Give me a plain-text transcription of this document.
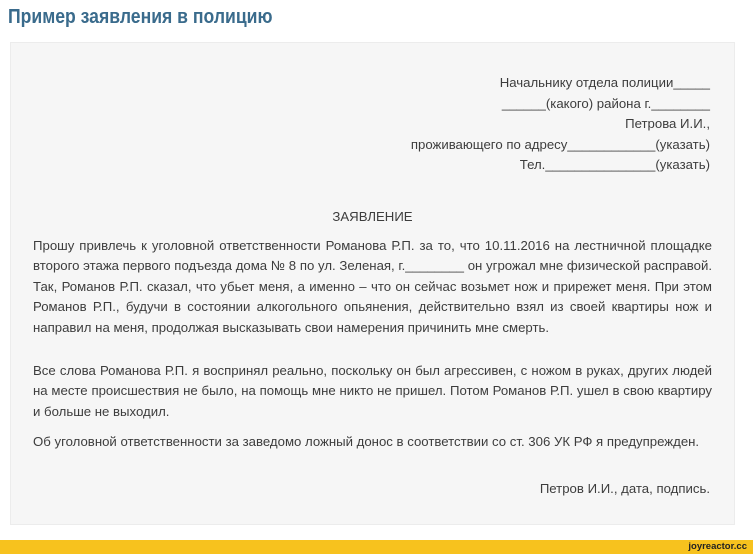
Пример заявления в полицию
Начальнику отдела полиции_____
______(какого) района г.________
Петрова И.И.,
проживающего по адресу____________(указать)
Тел._______________(указать)
ЗАЯВЛЕНИЕ

Прошу привлечь к уголовной ответственности Романова Р.П. за то, что 10.11.2016 на лестничной площадке второго этажа первого подъезда дома № 8 по ул. Зеленая, г.________ он угрожал мне физической расправой. Так, Романов Р.П. сказал, что убьет меня, а именно – что он сейчас возьмет нож и прирежет меня. При этом Романов Р.П., будучи в состоянии алкогольного опьянения, действительно взял из своей квартиры нож и направил на меня, продолжая высказывать свои намерения причинить мне смерть.

Все слова Романова Р.П. я воспринял реально, поскольку он был агрессивен, с ножом в руках, других людей на месте происшествия не было, на помощь мне никто не пришел. Потом Романов Р.П. ушел в свою квартиру и больше не выходил.

Об уголовной ответственности за заведомо ложный донос в соответствии со ст. 306 УК РФ я предупрежден.

Петров И.И., дата, подпись.
joyreactor.cc
